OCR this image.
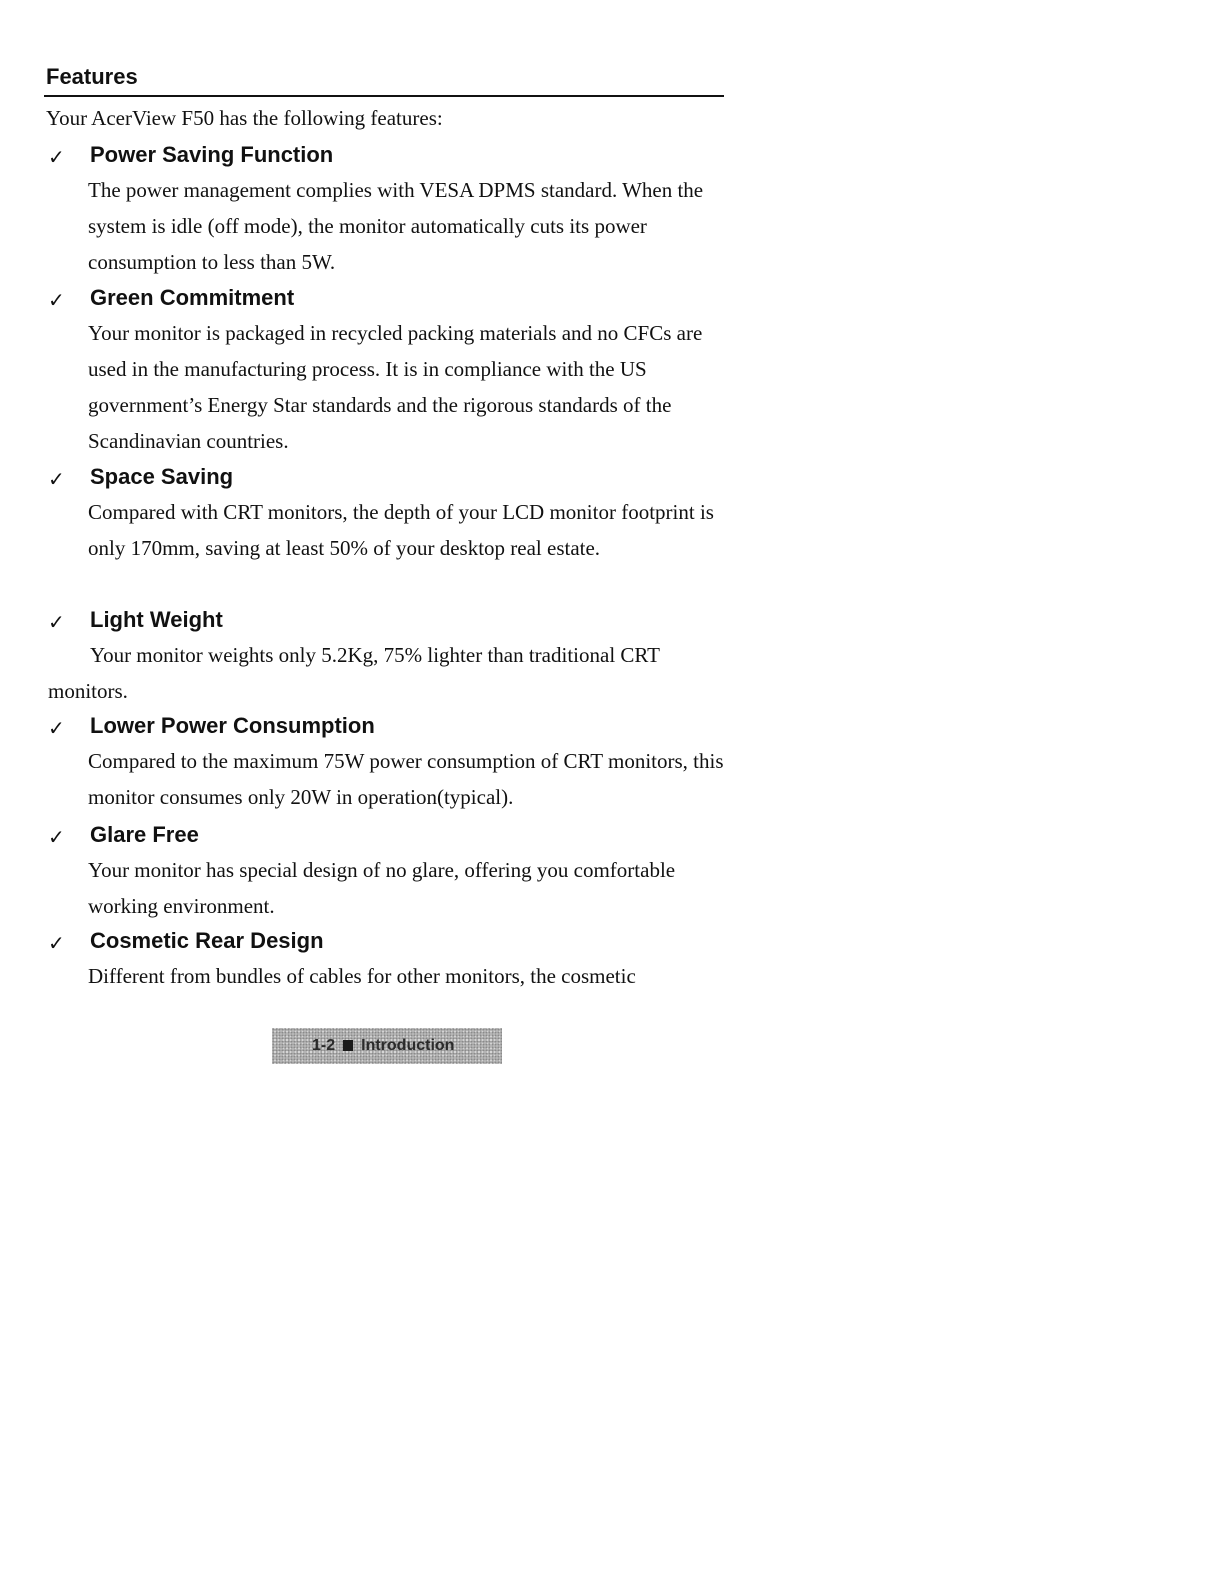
Features

Your AcerView F50 has the following features:

✓ Power Saving Function

The power management complies with VESA DPMS standard. When the system is idle (off mode), the monitor automatically cuts its power consumption to less than 5W.

✓ Green Commitment

Your monitor is packaged in recycled packing materials and no CFCs are used in the manufacturing process. It is in compliance with the US government’s Energy Star standards and the rigorous standards of the Scandinavian countries.

✓ Space Saving

Compared with CRT monitors, the depth of your LCD monitor footprint is only 170mm, saving at least 50% of your desktop real estate.

✓ Light Weight

Your monitor weights only 5.2Kg, 75% lighter than traditional CRT monitors.

✓ Lower Power Consumption

Compared to the maximum 75W power consumption of CRT monitors, this monitor consumes only 20W in operation(typical).

✓ Glare Free

Your monitor has special design of no glare, offering you comfortable working environment.

✓ Cosmetic Rear Design

Different from bundles of cables for other monitors, the cosmetic

1-2 Introduction
